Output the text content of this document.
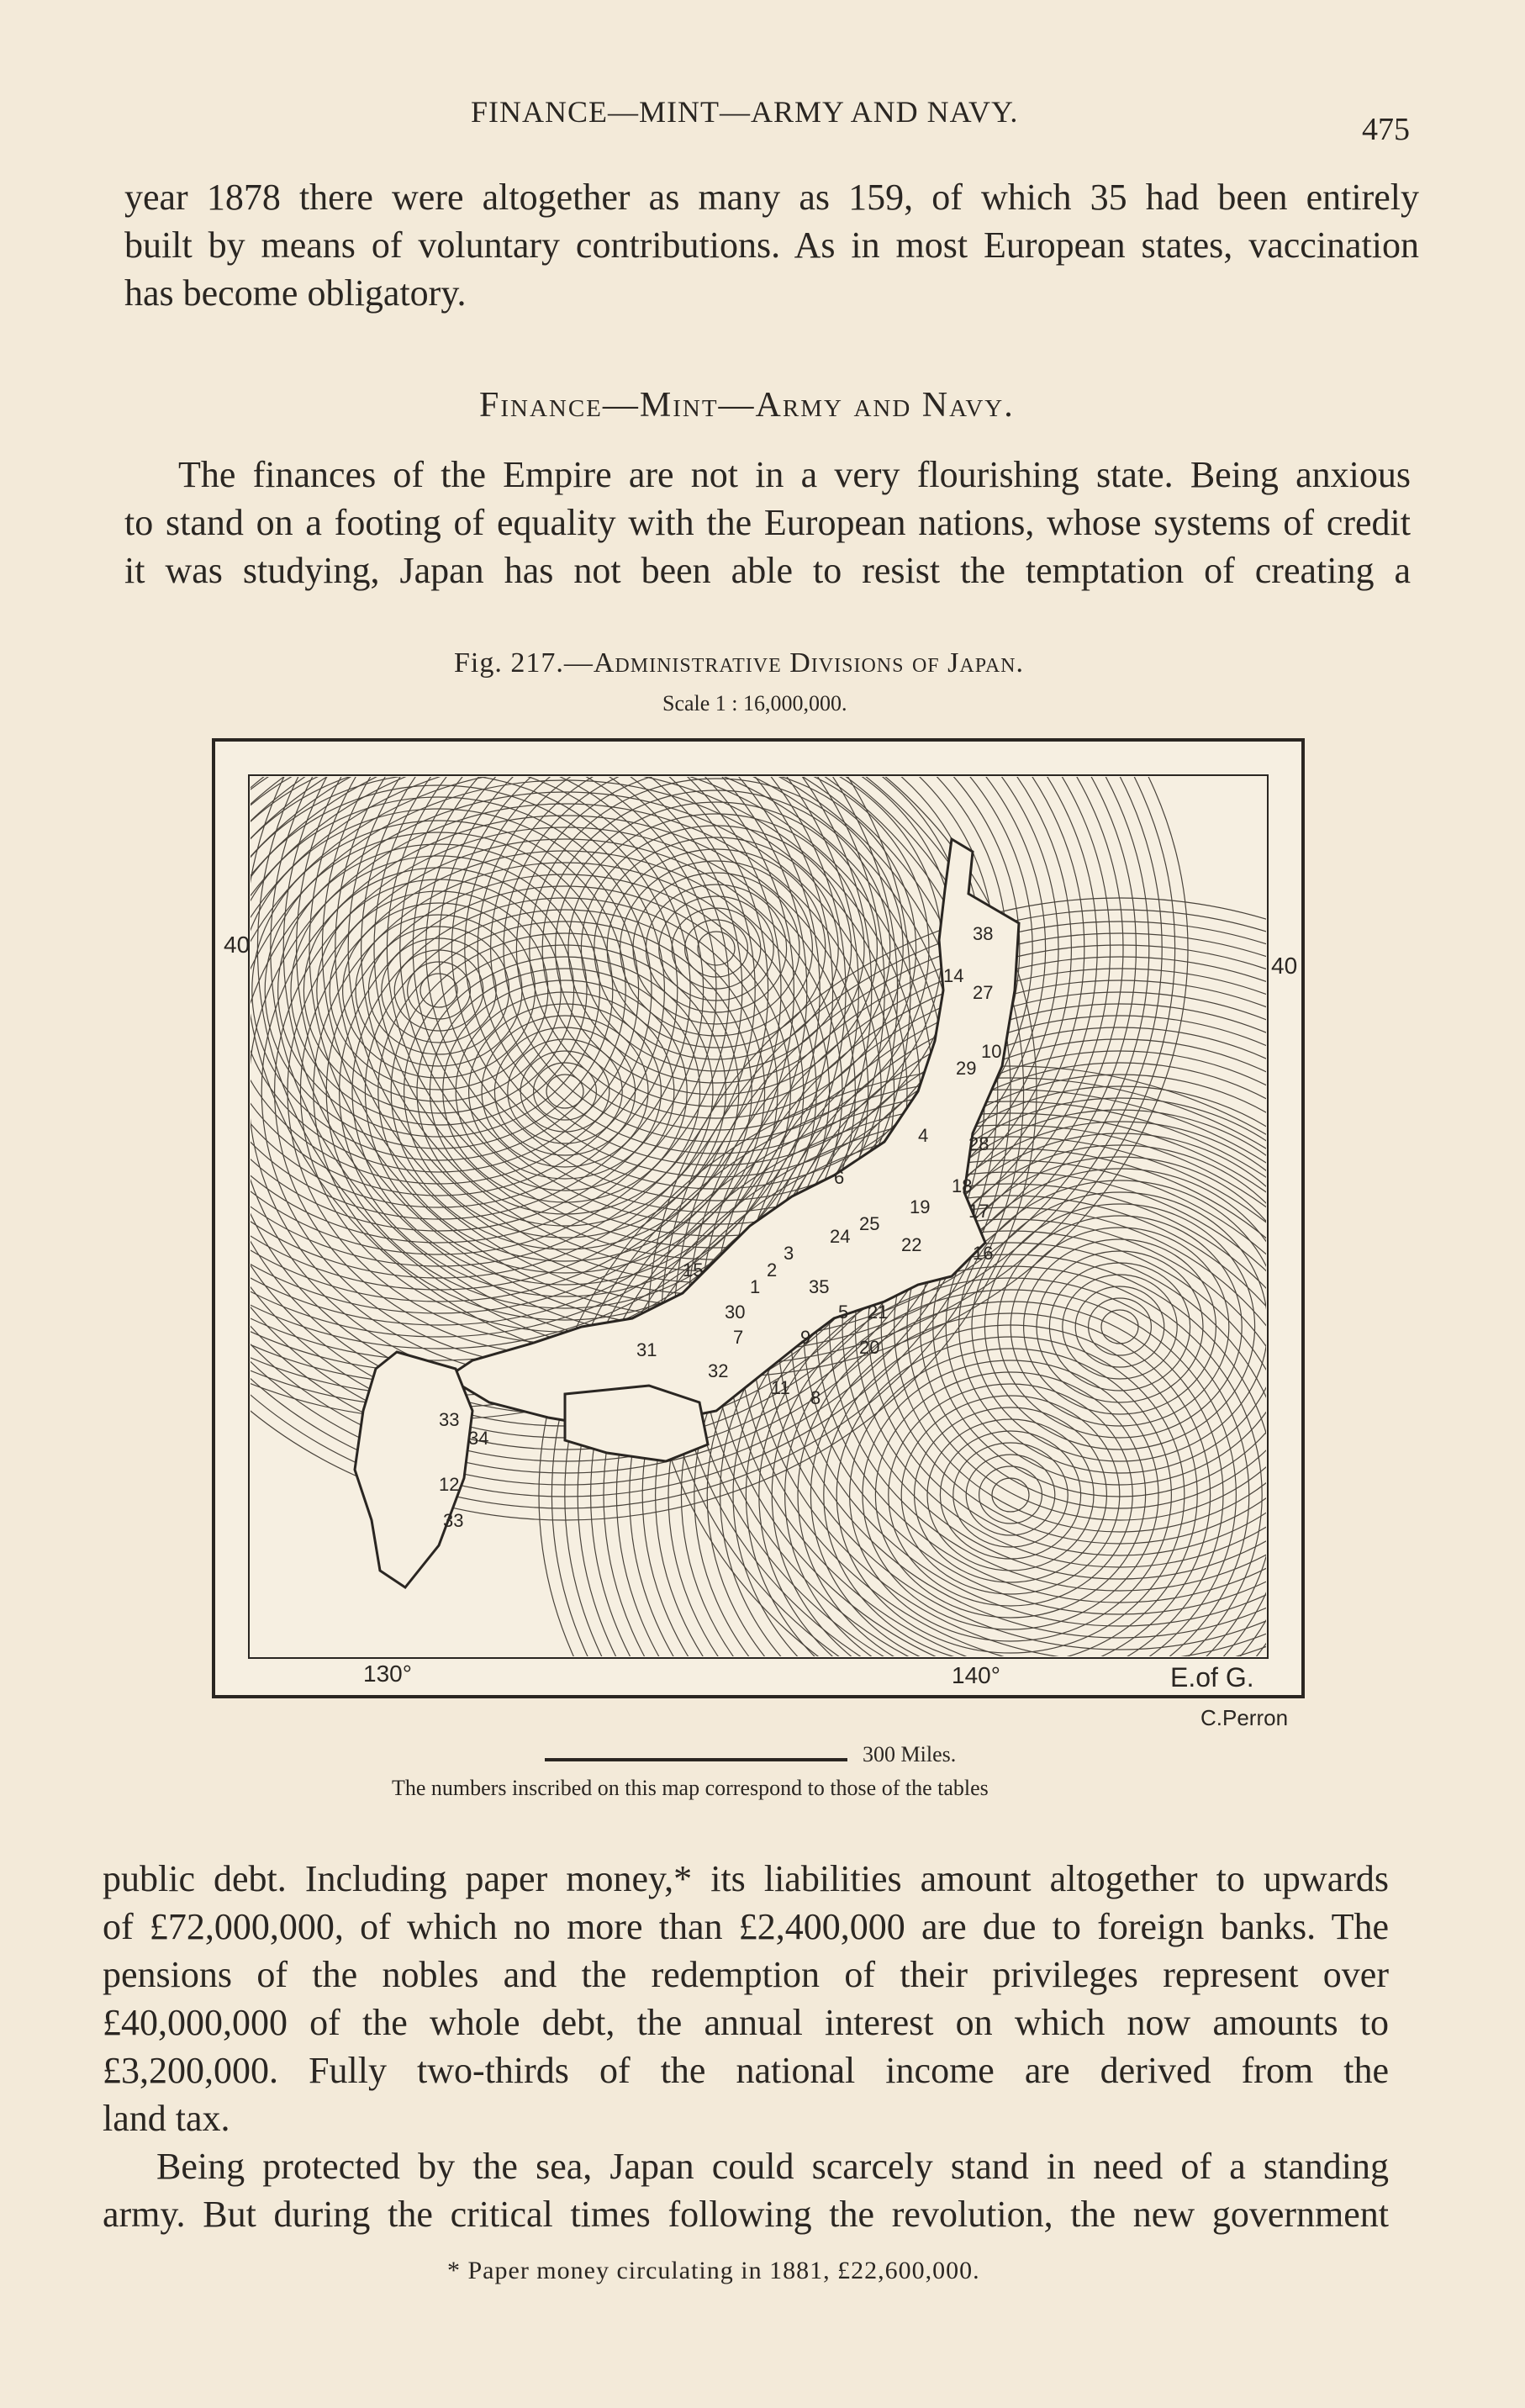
FINANCE—MINT—ARMY AND NAVY.	475

year 1878 there were altogether as many as 159, of which 35 had been entirely
built by means of voluntary contributions. As in most European states, vaccination
has become obligatory.

Finance—Mint—Army and Navy.

The finances of the Empire are not in a very flourishing state. Being anxious
to stand on a footing of equality with the European nations, whose systems of credit
it was studying, Japan has not been able to resist the temptation of creating a

Fig. 217.—Administrative Divisions of Japan.
Scale 1 : 16,000,000.
38
14
27
10
29
4 28
6	18
25
19 17
24	22
3	16
15	2
1	35
5 21
30
7	9	20
31
32
11 8
33
34
12
33
40
40
130°	140°	E.of G.
C.Perron
300 Miles.
The numbers inscribed on this map correspond to those of the tables

public debt. Including paper money,* its liabilities amount altogether to upwards
of £72,000,000, of which no more than £2,400,000 are due to foreign banks. The
pensions of the nobles and the redemption of their privileges represent over
£40,000,000 of the whole debt, the annual interest on which now amounts to
£3,200,000. Fully two-thirds of the national income are derived from the
land tax.

Being protected by the sea, Japan could scarcely stand in need of a standing
army. But during the critical times following the revolution, the new government

* Paper money circulating in 1881, £22,600,000.
